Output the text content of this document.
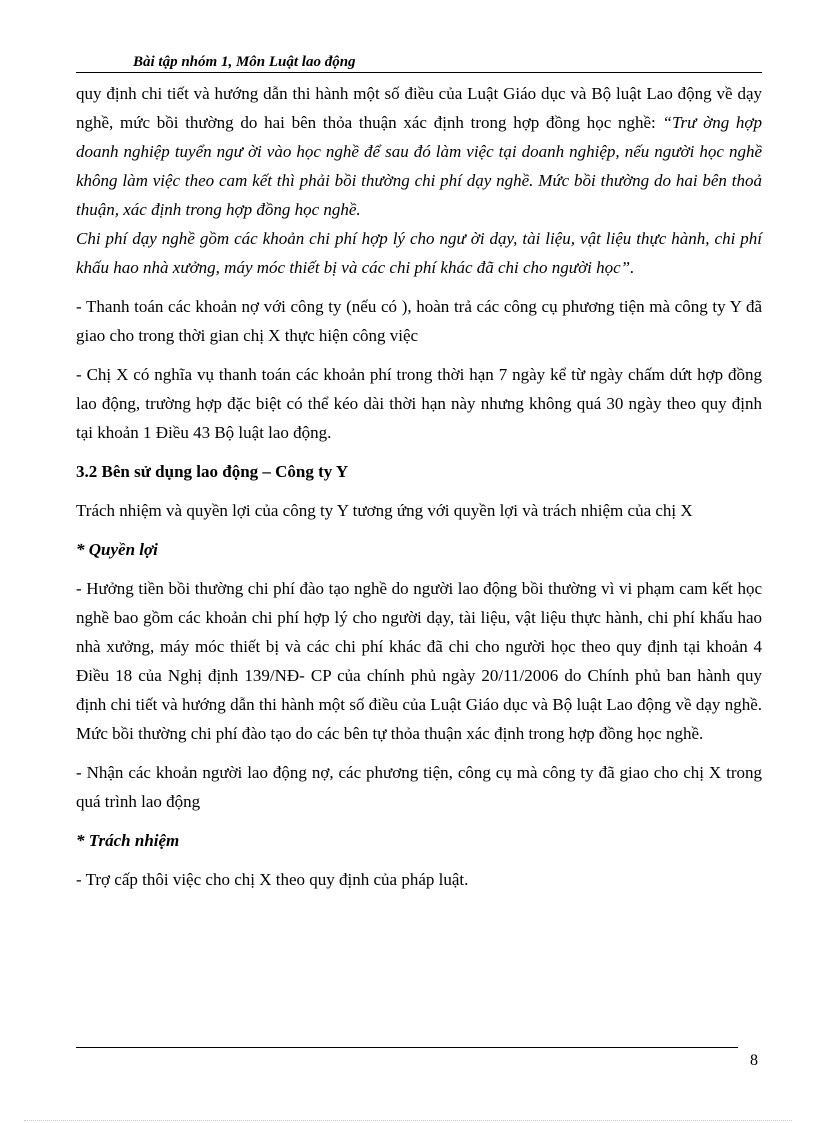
Bài tập nhóm 1, Môn Luật lao động

quy định chi tiết và hướng dẫn thi hành một số điều của Luật Giáo dục và Bộ luật Lao động về dạy nghề, mức bồi thường do hai bên thỏa thuận xác định trong hợp đồng học nghề: “Trư ờng hợp doanh nghiệp tuyển ngư ời vào học nghề để sau đó làm việc tại doanh nghiệp, nếu người học nghề không làm việc theo cam kết thì phải bồi thường chi phí dạy nghề. Mức bồi thường do hai bên thoả thuận, xác định trong hợp đồng học nghề.

Chi phí dạy nghề gồm các khoản chi phí hợp lý cho ngư ời dạy, tài liệu, vật liệu thực hành, chi phí khấu hao nhà xưởng, máy móc thiết bị và các chi phí khác đã chi cho người học”.

- Thanh toán các khoản nợ với công ty (nếu có ), hoàn trả các công cụ phương tiện mà công ty Y đã giao cho trong thời gian chị X thực hiện công việc

- Chị X có nghĩa vụ thanh toán các khoản phí trong thời hạn 7 ngày kể từ ngày chấm dứt hợp đồng lao động, trường hợp đặc biệt có thể kéo dài thời hạn này nhưng không quá 30 ngày theo quy định tại khoản 1 Điều 43 Bộ luật lao động.

3.2 Bên sử dụng lao động – Công ty Y

Trách nhiệm và quyền lợi của công ty Y tương ứng với quyền lợi và trách nhiệm của chị X

* Quyền lợi

- Hưởng tiền bồi thường chi phí đào tạo nghề do người lao động bồi thường vì vi phạm cam kết học nghề bao gồm các khoản chi phí hợp lý cho người dạy, tài liệu, vật liệu thực hành, chi phí khấu hao nhà xưởng, máy móc thiết bị và các chi phí khác đã chi cho người học theo quy định tại khoản 4 Điều 18 của Nghị định 139/NĐ- CP của chính phủ ngày 20/11/2006 do Chính phủ ban hành quy định chi tiết và hướng dẫn thi hành một số điều của Luật Giáo dục và Bộ luật Lao động về dạy nghề. Mức bồi thường chi phí đào tạo do các bên tự thỏa thuận xác định trong hợp đồng học nghề.

- Nhận các khoản người lao động nợ, các phương tiện, công cụ mà công ty đã giao cho chị X trong quá trình lao động

* Trách nhiệm

- Trợ cấp thôi việc cho chị X theo quy định của pháp luật.

8
